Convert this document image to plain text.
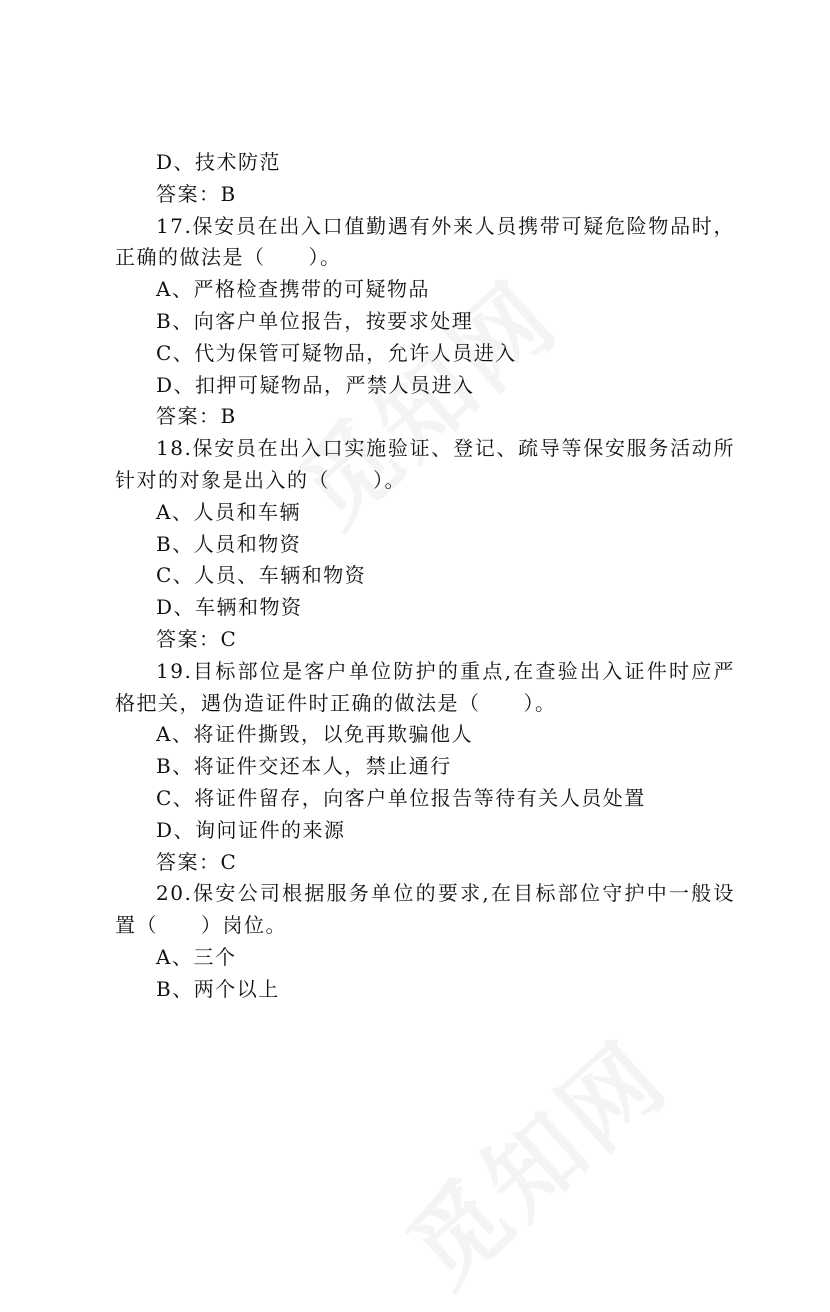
D、技术防范
答案：B

17.保安员在出入口值勤遇有外来人员携带可疑危险物品时，正确的做法是（　　）。

A、严格检查携带的可疑物品
B、向客户单位报告，按要求处理
C、代为保管可疑物品，允许人员进入
D、扣押可疑物品，严禁人员进入
答案：B

18.保安员在出入口实施验证、登记、疏导等保安服务活动所针对的对象是出入的（　　）。

A、人员和车辆
B、人员和物资
C、人员、车辆和物资
D、车辆和物资
答案：C

19.目标部位是客户单位防护的重点,在查验出入证件时应严格把关，遇伪造证件时正确的做法是（　　）。

A、将证件撕毁，以免再欺骗他人
B、将证件交还本人，禁止通行
C、将证件留存，向客户单位报告等待有关人员处置
D、询问证件的来源
答案：C

20.保安公司根据服务单位的要求,在目标部位守护中一般设置（　　）岗位。

A、三个
B、两个以上
